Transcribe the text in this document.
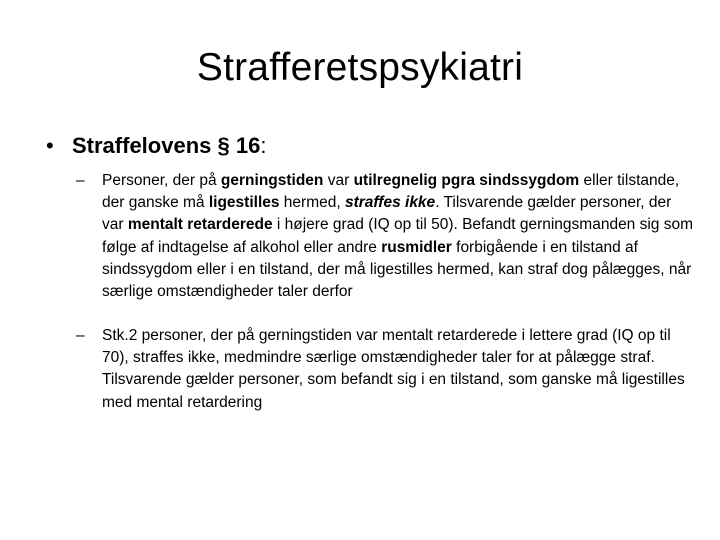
Strafferetspsykiatri
• Straffelovens § 16:
– Personer, der på gerningstiden var utilregnelig pgra sindssygdom eller tilstande, der ganske må ligestilles hermed, straffes ikke. Tilsvarende gælder personer, der var mentalt retarderede i højere grad (IQ op til 50). Befandt gerningsmanden sig som følge af indtagelse af alkohol eller andre rusmidler forbigående i en tilstand af sindssygdom eller i en tilstand, der må ligestilles hermed, kan straf dog pålægges, når særlige omstændigheder taler derfor
– Stk.2 personer, der på gerningstiden var mentalt retarderede i lettere grad (IQ op til 70), straffes ikke, medmindre særlige omstændigheder taler for at pålægge straf. Tilsvarende gælder personer, som befandt sig i en tilstand, som ganske må ligestilles med mental retardering
